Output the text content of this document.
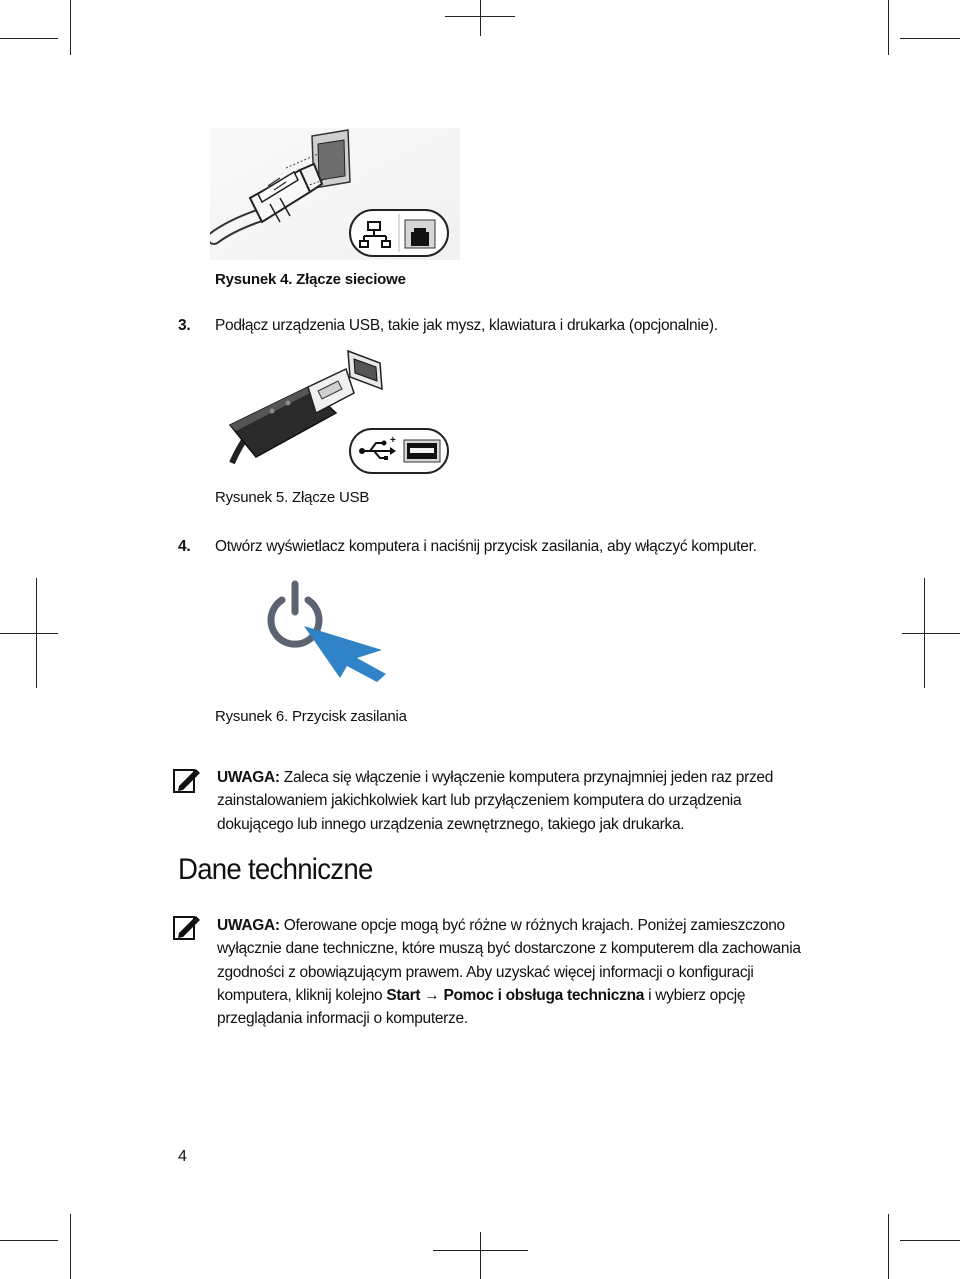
Rysunek 4. Złącze sieciowe
3. Podłącz urządzenia USB, takie jak mysz, klawiatura i drukarka (opcjonalnie).
+
Rysunek 5. Złącze USB
4. Otwórz wyświetlacz komputera i naciśnij przycisk zasilania, aby włączyć komputer.
Rysunek 6. Przycisk zasilania
UWAGA: Zaleca się włączenie i wyłączenie komputera przynajmniej jeden raz przed
zainstalowaniem jakichkolwiek kart lub przyłączeniem komputera do urządzenia
dokującego lub innego urządzenia zewnętrznego, takiego jak drukarka.
Dane techniczne
UWAGA: Oferowane opcje mogą być różne w różnych krajach. Poniżej zamieszczono
wyłącznie dane techniczne, które muszą być dostarczone z komputerem dla zachowania
zgodności z obowiązującym prawem. Aby uzyskać więcej informacji o konfiguracji
komputera, kliknij kolejno Start → Pomoc i obsługa techniczna i wybierz opcję
przeglądania informacji o komputerze.
4
